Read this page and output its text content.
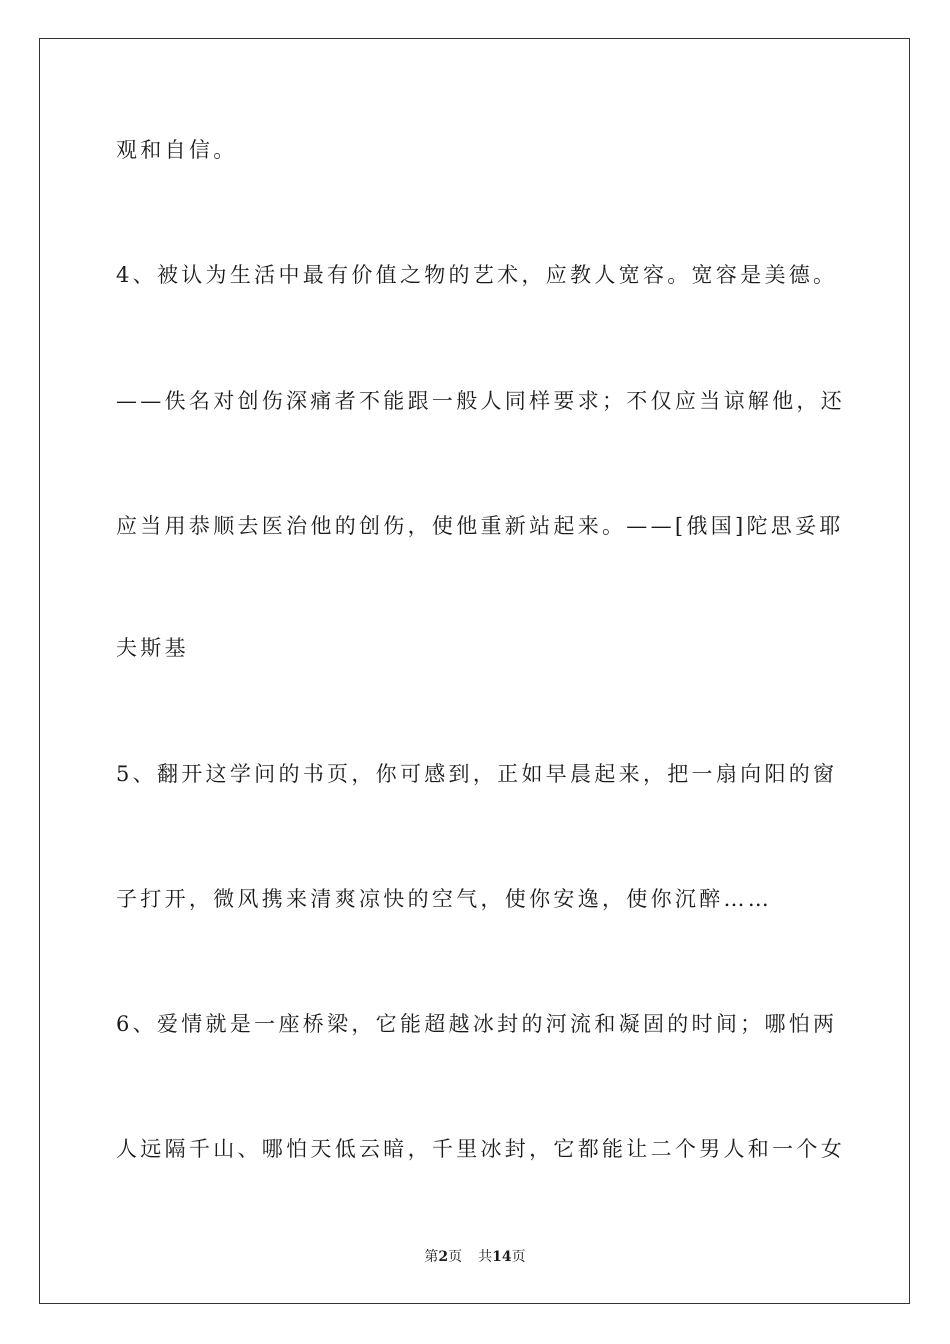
观和自信。
4、被认为生活中最有价值之物的艺术，应教人宽容。宽容是美德。
——佚名对创伤深痛者不能跟一般人同样要求；不仅应当谅解他，还
应当用恭顺去医治他的创伤，使他重新站起来。——[俄国]陀思妥耶
夫斯基
5、翻开这学问的书页，你可感到，正如早晨起来，把一扇向阳的窗
子打开，微风携来清爽凉快的空气，使你安逸，使你沉醉……
6、爱情就是一座桥梁，它能超越冰封的河流和凝固的时间；哪怕两
人远隔千山、哪怕天低云暗，千里冰封，它都能让二个男人和一个女
第2页 共14页
